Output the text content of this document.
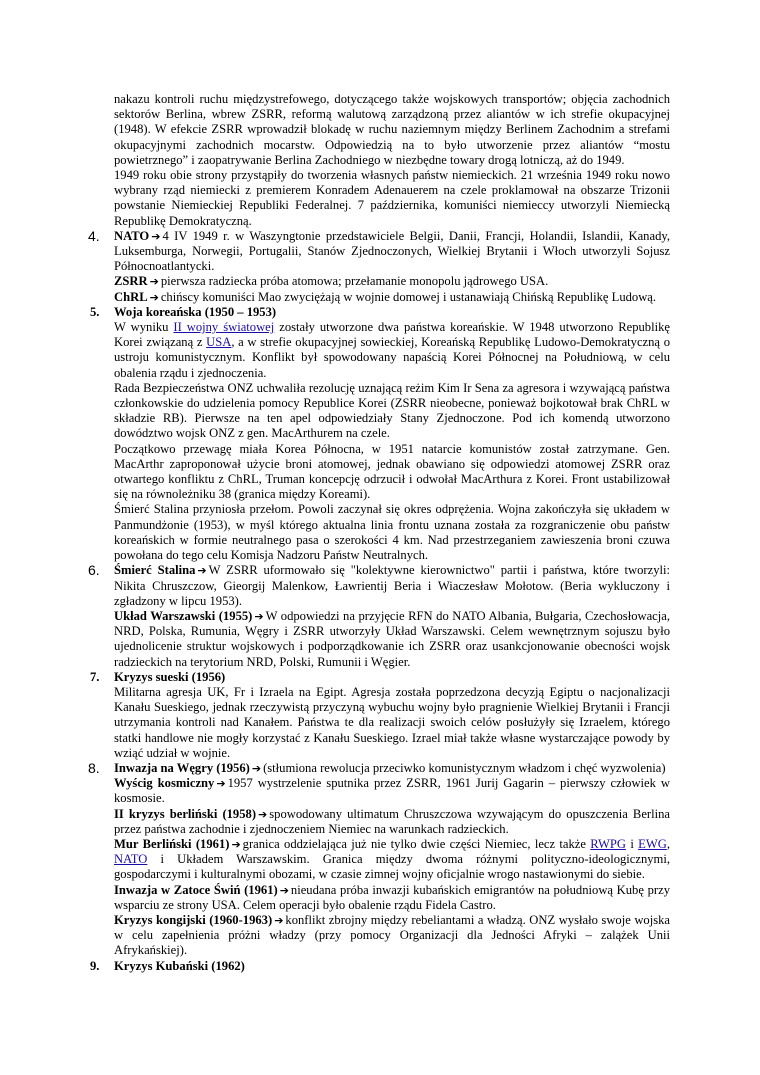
nakazu kontroli ruchu międzystrefowego, dotyczącego także wojskowych transportów; objęcia zachodnich sektorów Berlina, wbrew ZSRR, reformą walutową zarządzoną przez aliantów w ich strefie okupacyjnej (1948). W efekcie ZSRR wprowadził blokadę w ruchu naziemnym między Berlinem Zachodnim a strefami okupacyjnymi zachodnich mocarstw. Odpowiedzią na to było utworzenie przez aliantów “mostu powietrznego” i zaopatrywanie Berlina Zachodniego w niezbędne towary drogą lotniczą, aż do 1949.

1949 roku obie strony przystąpiły do tworzenia własnych państw niemieckich. 21 września 1949 roku nowo wybrany rząd niemiecki z premierem Konradem Adenauerem na czele proklamował na obszarze Trizonii powstanie Niemieckiej Republiki Federalnej. 7 października, komuniści niemieccy utworzyli Niemiecką Republikę Demokratyczną.

4. NATO ➔ 4 IV 1949 r. w Waszyngtonie przedstawiciele Belgii, Danii, Francji, Holandii, Islandii, Kanady, Luksemburga, Norwegii, Portugalii, Stanów Zjednoczonych, Wielkiej Brytanii i Włoch utworzyli Sojusz Północnoatlantycki.

ZSRR ➔ pierwsza radziecka próba atomowa; przełamanie monopolu jądrowego USA.

ChRL ➔ chińscy komuniści Mao zwyciężają w wojnie domowej i ustanawiają Chińską Republikę Ludową.

5. Woja koreańska (1950 – 1953)

W wyniku II wojny światowej zostały utworzone dwa państwa koreańskie. W 1948 utworzono Republikę Korei związaną z USA, a w strefie okupacyjnej sowieckiej, Koreańską Republikę Ludowo-Demokratyczną o ustroju komunistycznym. Konflikt był spowodowany napaścią Korei Północnej na Południową, w celu obalenia rządu i zjednoczenia.

Rada Bezpieczeństwa ONZ uchwaliła rezolucję uznającą reżim Kim Ir Sena za agresora i wzywającą państwa członkowskie do udzielenia pomocy Republice Korei (ZSRR nieobecne, ponieważ bojkotował brak ChRL w składzie RB). Pierwsze na ten apel odpowiedziały Stany Zjednoczone. Pod ich komendą utworzono dowództwo wojsk ONZ z gen. MacArthurem na czele.

Początkowo przewagę miała Korea Północna, w 1951 natarcie komunistów został zatrzymane. Gen. MacArthr zaproponował użycie broni atomowej, jednak obawiano się odpowiedzi atomowej ZSRR oraz otwartego konfliktu z ChRL, Truman koncepcję odrzucił i odwołał MacArthura z Korei. Front ustabilizował się na równoleżniku 38 (granica między Koreami).

Śmierć Stalina przyniosła przełom. Powoli zaczynał się okres odprężenia. Wojna zakończyła się układem w Panmundżonie (1953), w myśl którego aktualna linia frontu uznana została za rozgraniczenie obu państw koreańskich w formie neutralnego pasa o szerokości 4 km. Nad przestrzeganiem zawieszenia broni czuwa powołana do tego celu Komisja Nadzoru Państw Neutralnych.

6. Śmierć Stalina ➔ W ZSRR uformowało się "kolektywne kierownictwo" partii i państwa, które tworzyli: Nikita Chruszczow, Gieorgij Malenkow, Ławrientij Beria i Wiaczesław Mołotow. (Beria wykluczony i zgładzony w lipcu 1953).

Układ Warszawski (1955) ➔ W odpowiedzi na przyjęcie RFN do NATO Albania, Bułgaria, Czechosłowacja, NRD, Polska, Rumunia, Węgry i ZSRR utworzyły Układ Warszawski. Celem wewnętrznym sojuszu było ujednolicenie struktur wojskowych i podporządkowanie ich ZSRR oraz usankcjonowanie obecności wojsk radzieckich na terytorium NRD, Polski, Rumunii i Węgier.

7. Kryzys sueski (1956)

Militarna agresja UK, Fr i Izraela na Egipt. Agresja została poprzedzona decyzją Egiptu o nacjonalizacji Kanału Sueskiego, jednak rzeczywistą przyczyną wybuchu wojny było pragnienie Wielkiej Brytanii i Francji utrzymania kontroli nad Kanałem. Państwa te dla realizacji swoich celów posłużyły się Izraelem, którego statki handlowe nie mogły korzystać z Kanału Sueskiego. Izrael miał także własne wystarczające powody by wziąć udział w wojnie.

8. Inwazja na Węgry (1956) ➔ (stłumiona rewolucja przeciwko komunistycznym władzom i chęć wyzwolenia)

Wyścig kosmiczny ➔ 1957 wystrzelenie sputnika przez ZSRR, 1961 Jurij Gagarin – pierwszy człowiek w kosmosie.

II kryzys berliński (1958) ➔ spowodowany ultimatum Chruszczowa wzywającym do opuszczenia Berlina przez państwa zachodnie i zjednoczeniem Niemiec na warunkach radzieckich.

Mur Berliński (1961) ➔ granica oddzielająca już nie tylko dwie części Niemiec, lecz także RWPG i EWG, NATO i Układem Warszawskim. Granica między dwoma różnymi polityczno-ideologicznymi, gospodarczymi i kulturalnymi obozami, w czasie zimnej wojny oficjalnie wrogo nastawionymi do siebie.

Inwazja w Zatoce Świń (1961) ➔ nieudana próba inwazji kubańskich emigrantów na południową Kubę przy wsparciu ze strony USA. Celem operacji było obalenie rządu Fidela Castro.

Kryzys kongijski (1960-1963) ➔ konflikt zbrojny między rebeliantami a władzą. ONZ wysłało swoje wojska w celu zapełnienia próżni władzy (przy pomocy Organizacji dla Jedności Afryki – zalążek Unii Afrykańskiej).

9. Kryzys Kubański (1962)
